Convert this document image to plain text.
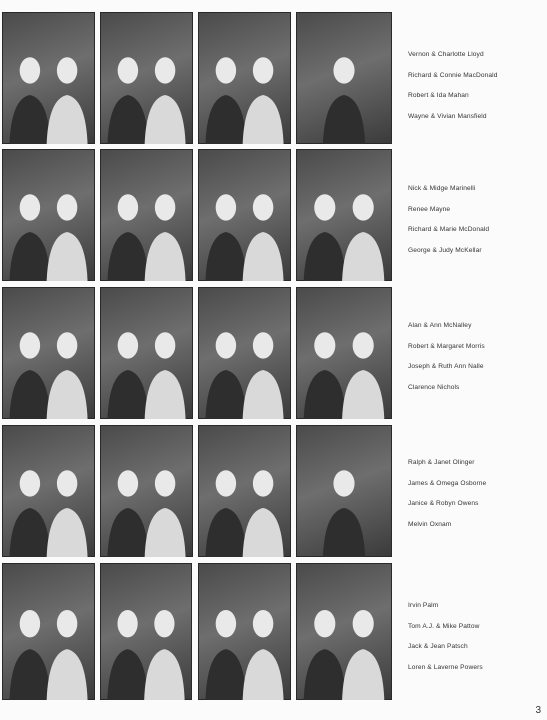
Vernon & Charlotte Lloyd
Richard & Connie MacDonald
Robert & Ida Mahan
Wayne & Vivian Mansfield
Nick & Midge Marinelli
Renee Mayne
Richard & Marie McDonald
George & Judy McKellar
Alan & Ann McNalley
Robert & Margaret Morris
Joseph & Ruth Ann Nalle
Clarence Nichols
Ralph & Janet Olinger
James & Omega Osborne
Janice & Robyn Owens
Melvin Oxnam
Irvin Palm
Tom A.J. & Mike Pattow
Jack & Jean Patsch
Loren & Laverne Powers
3
